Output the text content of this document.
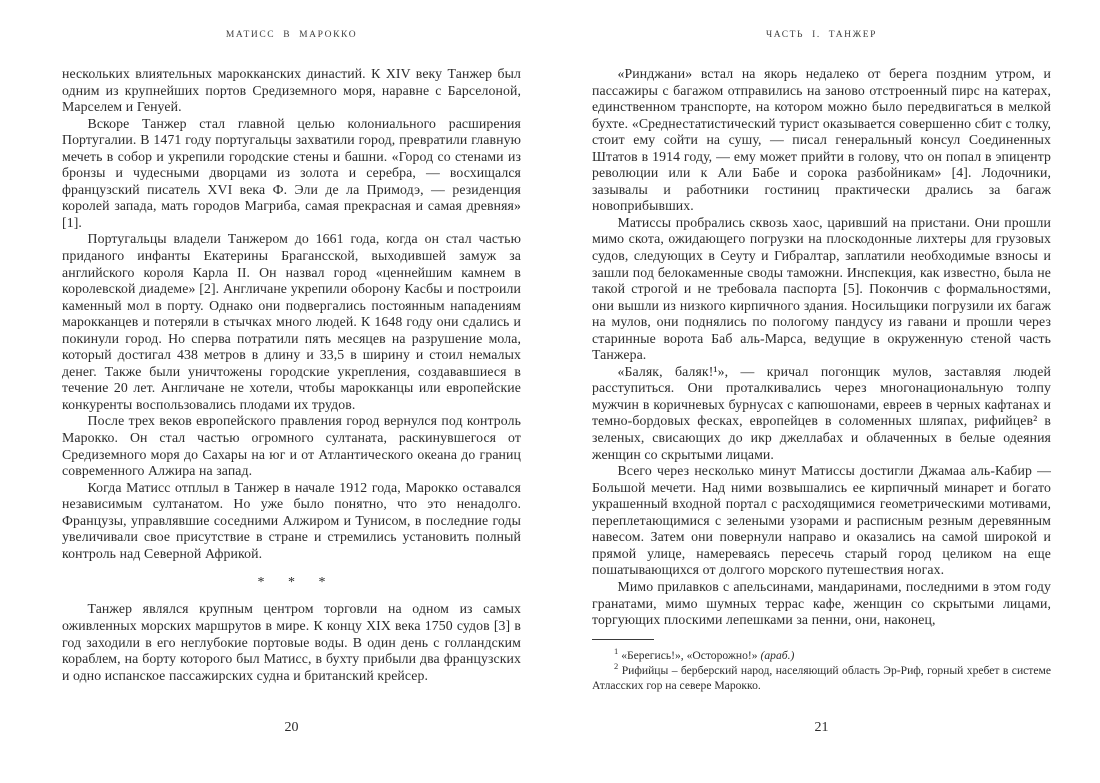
МАТИСС В МАРОККО

нескольких влиятельных марокканских династий. К XIV веку Танжер был одним из крупнейших портов Средиземного моря, наравне с Барселоной, Марселем и Генуей.

Вскоре Танжер стал главной целью колониального расширения Португалии. В 1471 году португальцы захватили город, превратили главную мечеть в собор и укрепили городские стены и башни. «Город со стенами из бронзы и чудесными дворцами из золота и серебра, — восхищался французский писатель XVI века Ф. Эли де ла Примодэ, — резиденция королей запада, мать городов Магриба, самая прекрасная и самая древняя» [1].

Португальцы владели Танжером до 1661 года, когда он стал частью приданого инфанты Екатерины Брагансской, выходившей замуж за английского короля Карла II. Он назвал город «ценнейшим камнем в королевской диадеме» [2]. Англичане укрепили оборону Касбы и построили каменный мол в порту. Однако они подвергались постоянным нападениям марокканцев и потеряли в стычках много людей. К 1648 году они сдались и покинули город. Но сперва потратили пять месяцев на разрушение мола, который достигал 438 метров в длину и 33,5 в ширину и стоил немалых денег. Также были уничтожены городские укрепления, создававшиеся в течение 20 лет. Англичане не хотели, чтобы марокканцы или европейские конкуренты воспользовались плодами их трудов.

После трех веков европейского правления город вернулся под контроль Марокко. Он стал частью огромного султаната, раскинувшегося от Средиземного моря до Сахары на юг и от Атлантического океана до границ современного Алжира на запад.

Когда Матисс отплыл в Танжер в начале 1912 года, Марокко оставался независимым султанатом. Но уже было понятно, что это ненадолго. Французы, управлявшие соседними Алжиром и Тунисом, в последние годы увеличивали свое присутствие в стране и стремились установить полный контроль над Северной Африкой.

* * *

Танжер являлся крупным центром торговли на одном из самых оживленных морских маршрутов в мире. К концу XIX века 1750 судов [3] в год заходили в его неглубокие портовые воды. В один день с голландским кораблем, на борту которого был Матисс, в бухту прибыли два французских и одно испанское пассажирских судна и британский крейсер.

20
ЧАСТЬ I. ТАНЖЕР

«Ринджани» встал на якорь недалеко от берега поздним утром, и пассажиры с багажом отправились на заново отстроенный пирс на катерах, единственном транспорте, на котором можно было передвигаться в мелкой бухте. «Среднестатистический турист оказывается совершенно сбит с толку, стоит ему сойти на сушу, — писал генеральный консул Соединенных Штатов в 1914 году, — ему может прийти в голову, что он попал в эпицентр революции или к Али Бабе и сорока разбойникам» [4]. Лодочники, зазывалы и работники гостиниц практически дрались за багаж новоприбывших.

Матиссы пробрались сквозь хаос, царивший на пристани. Они прошли мимо скота, ожидающего погрузки на плоскодонные лихтеры для грузовых судов, следующих в Сеуту и Гибралтар, заплатили необходимые взносы и зашли под белокаменные своды таможни. Инспекция, как известно, была не такой строгой и не требовала паспорта [5]. Покончив с формальностями, они вышли из низкого кирпичного здания. Носильщики погрузили их багаж на мулов, они поднялись по пологому пандусу из гавани и прошли через старинные ворота Баб аль-Марса, ведущие в окруженную стеной часть Танжера.

«Баляк, баляк!¹», — кричал погонщик мулов, заставляя людей расступиться. Они проталкивались через многонациональную толпу мужчин в коричневых бурнусах с капюшонами, евреев в черных кафтанах и темно-бордовых фесках, европейцев в соломенных шляпах, рифийцев² в зеленых, свисающих до икр джеллабах и облаченных в белые одеяния женщин со скрытыми лицами.

Всего через несколько минут Матиссы достигли Джамаа аль-Кабир — Большой мечети. Над ними возвышались ее кирпичный минарет и богато украшенный входной портал с расходящимися геометрическими мотивами, переплетающимися с зелеными узорами и расписным резным деревянным навесом. Затем они повернули направо и оказались на самой широкой и прямой улице, намереваясь пересечь старый город целиком на еще пошатывающихся от долгого морского путешествия ногах.

Мимо прилавков с апельсинами, мандаринами, последними в этом году гранатами, мимо шумных террас кафе, женщин со скрытыми лицами, торгующих плоскими лепешками за пенни, они, наконец,

$^1$ «Берегись!», «Осторожно!» (араб.)

$^2$ Рифийцы – берберский народ, населяющий область Эр-Риф, горный хребет в системе Атласских гор на севере Марокко.

21
